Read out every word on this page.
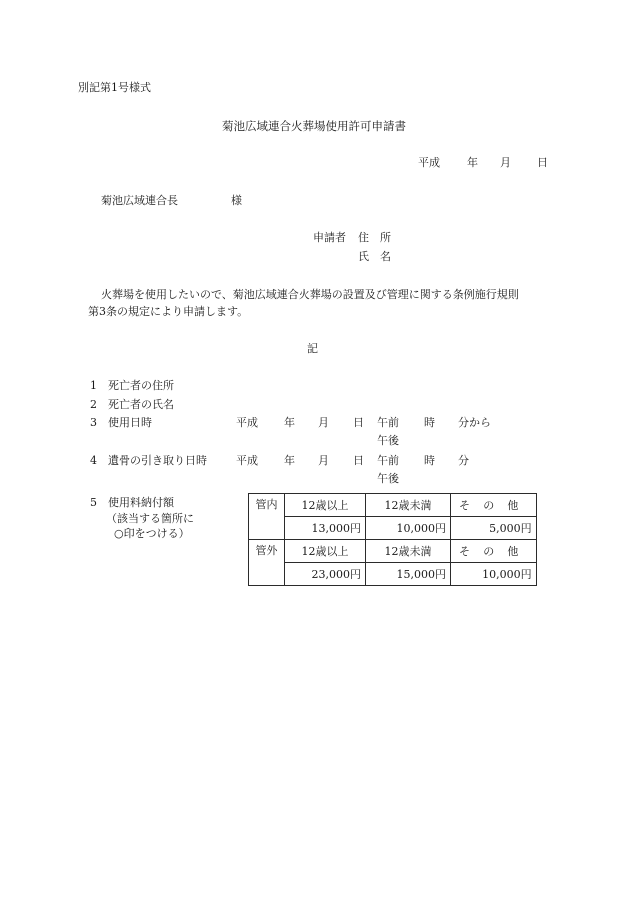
別記第1号様式
菊池広域連合火葬場使用許可申請書
平成 年 月 日
菊池広域連合長	様
申請者 住　所
氏　名
火葬場を使用したいので、菊池広域連合火葬場の設置及び管理に関する条例施行規則
第3条の規定により申請します。
記
1 死亡者の住所
2 死亡者の氏名
3 使用日時	平成 年 月 日 午前 時 分から
午後
4 遺骨の引き取り日時	平成 年 月 日 午前 時 分
午後
5 使用料納付額
（該当する箇所に
○印をつける）
管内	12歳以上	12歳未満	その他
	13,000円	10,000円	5,000円
管外	12歳以上	12歳未満	その他
	23,000円	15,000円	10,000円
